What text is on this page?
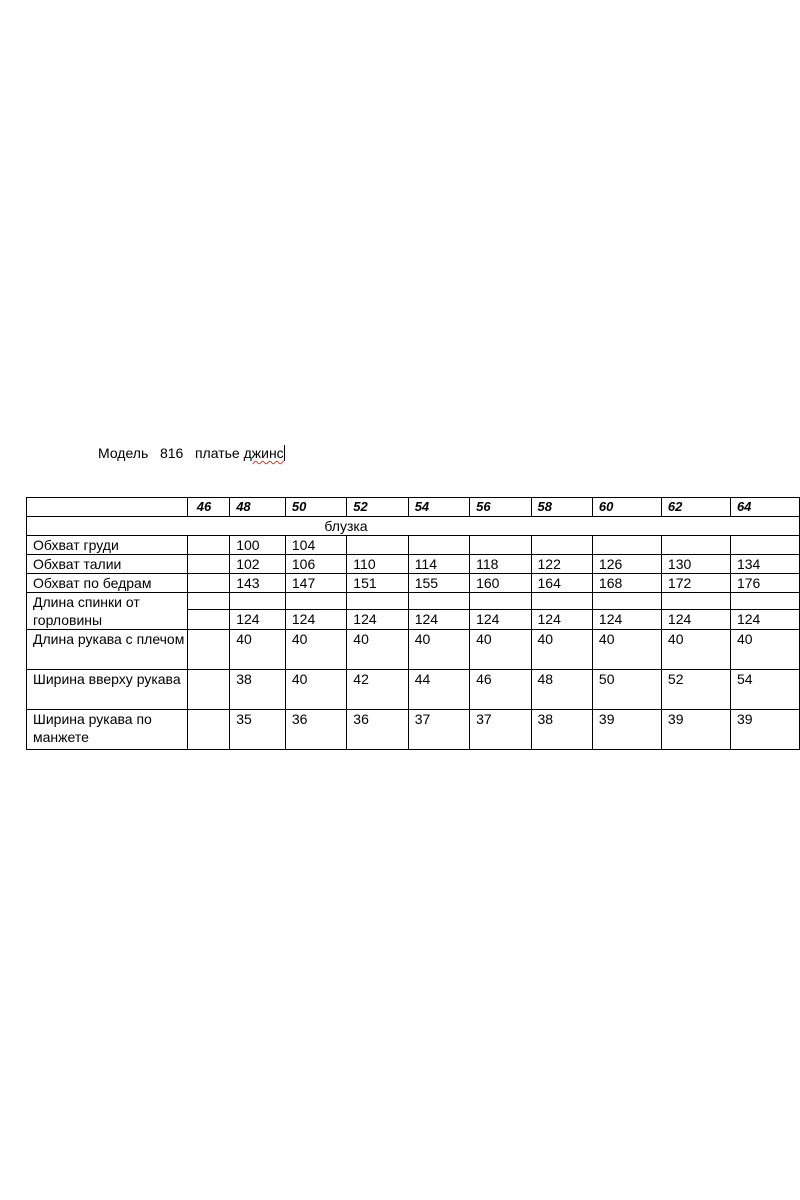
Модель 816 платье джинс
	46	48	50	52	54	56	58	60	62	64
блузка										
Обхват груди		100	104							
Обхват талии		102	106	110	114	118	122	126	130	134
Обхват по бедрам		143	147	151	155	160	164	168	172	176
Длина спинки от горловины										
		124	124	124	124	124	124	124	124	124
Длина рукава с плечом		40	40	40	40	40	40	40	40	40
Ширина вверху рукава		38	40	42	44	46	48	50	52	54
Ширина рукава по манжете		35	36	36	37	37	38	39	39	39
